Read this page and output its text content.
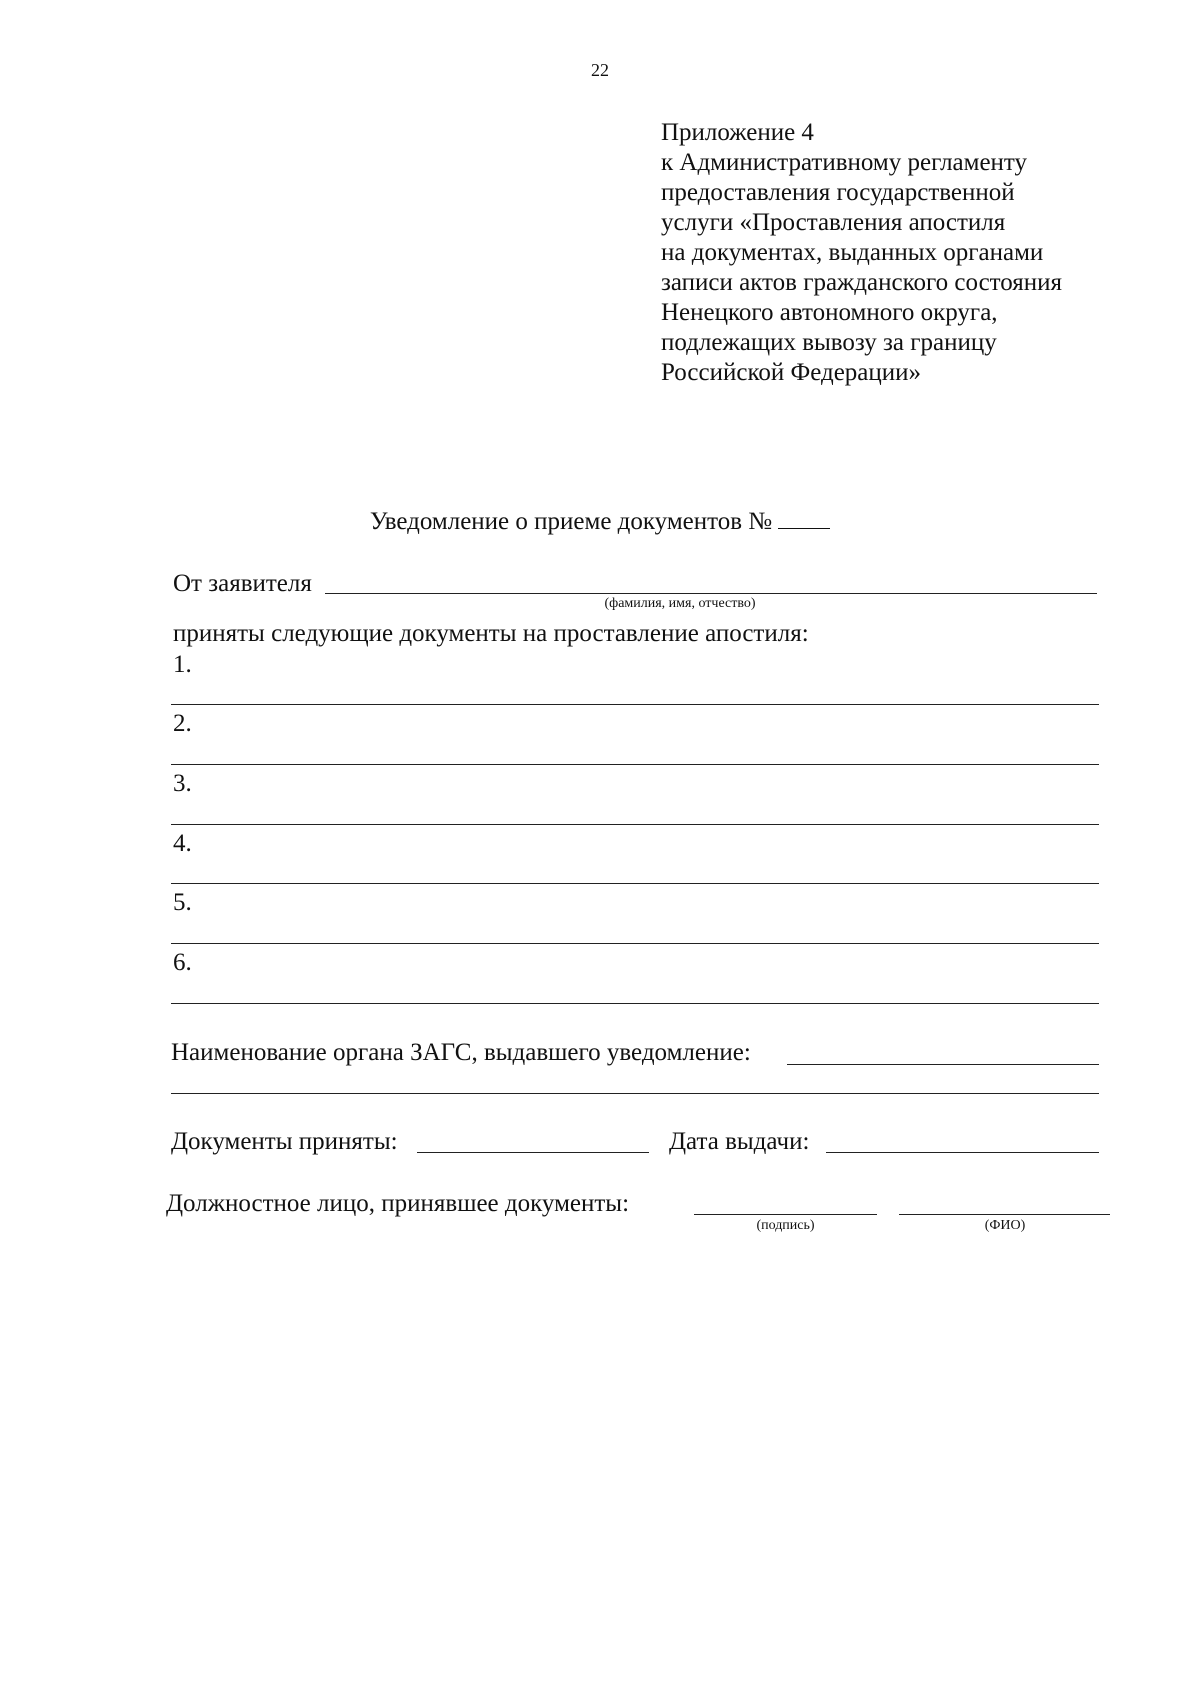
22
Приложение 4
к Административному регламенту
предоставления государственной
услуги «Проставления апостиля
на документах, выданных органами
записи актов гражданского состояния
Ненецкого автономного округа,
подлежащих вывозу за границу
Российской Федерации»
Уведомление о приеме документов №
От заявителя
(фамилия, имя, отчество)
приняты следующие документы на проставление апостиля:
1.
2.
3.
4.
5.
6.
Наименование органа ЗАГС, выдавшего уведомление:
Документы приняты:	Дата выдачи:
Должностное лицо, принявшее документы:
(подпись)	(ФИО)
